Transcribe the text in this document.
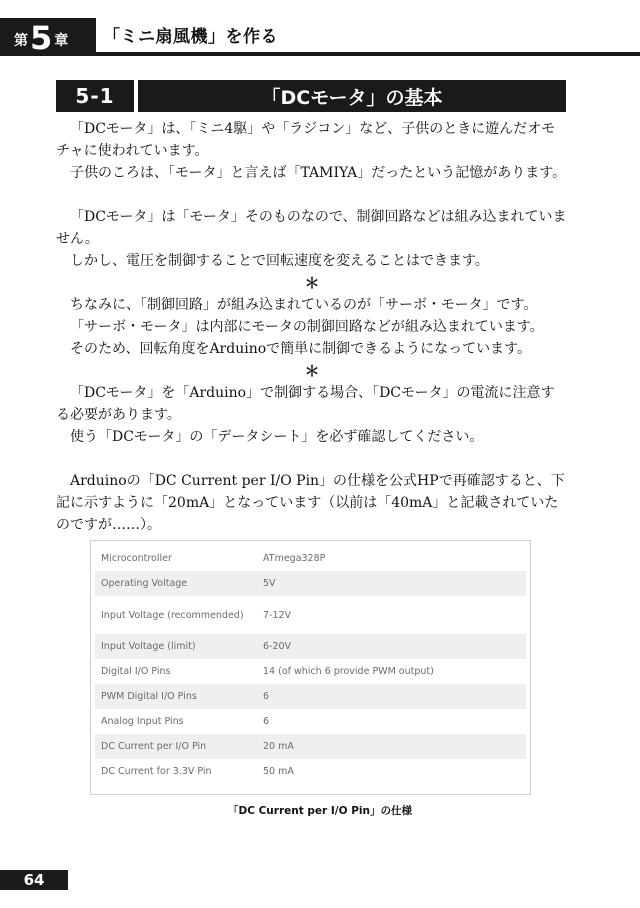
第 5 章 「ミニ扇風機」を作る
5-1	「DCモータ」の基本

「DCモータ」は、「ミニ4駆」や「ラジコン」など、子供のときに遊んだオモチャに使われています。

子供のころは、「モータ」と言えば「TAMIYA」だったという記憶があります。

「DCモータ」は「モータ」そのものなので、制御回路などは組み込まれていません。

しかし、電圧を制御することで回転速度を変えることはできます。

＊

ちなみに、「制御回路」が組み込まれているのが「サーボ・モータ」です。

「サーボ・モータ」は内部にモータの制御回路などが組み込まれています。

そのため、回転角度をArduinoで簡単に制御できるようになっています。

＊

「DCモータ」を「Arduino」で制御する場合、「DCモータ」の電流に注意する必要があります。

使う「DCモータ」の「データシート」を必ず確認してください。

Arduinoの「DC Current per I/O Pin」の仕様を公式HPで再確認すると、下記に示すように「20mA」となっています（以前は「40mA」と記載されていたのですが……）。

Microcontroller	ATmega328P
Operating Voltage	5V
Input Voltage (recommended)	7-12V
Input Voltage (limit)	6-20V
Digital I/O Pins	14 (of which 6 provide PWM output)
PWM Digital I/O Pins	6
Analog Input Pins	6
DC Current per I/O Pin	20 mA
DC Current for 3.3V Pin	50 mA
「DC Current per I/O Pin」の仕様
64
